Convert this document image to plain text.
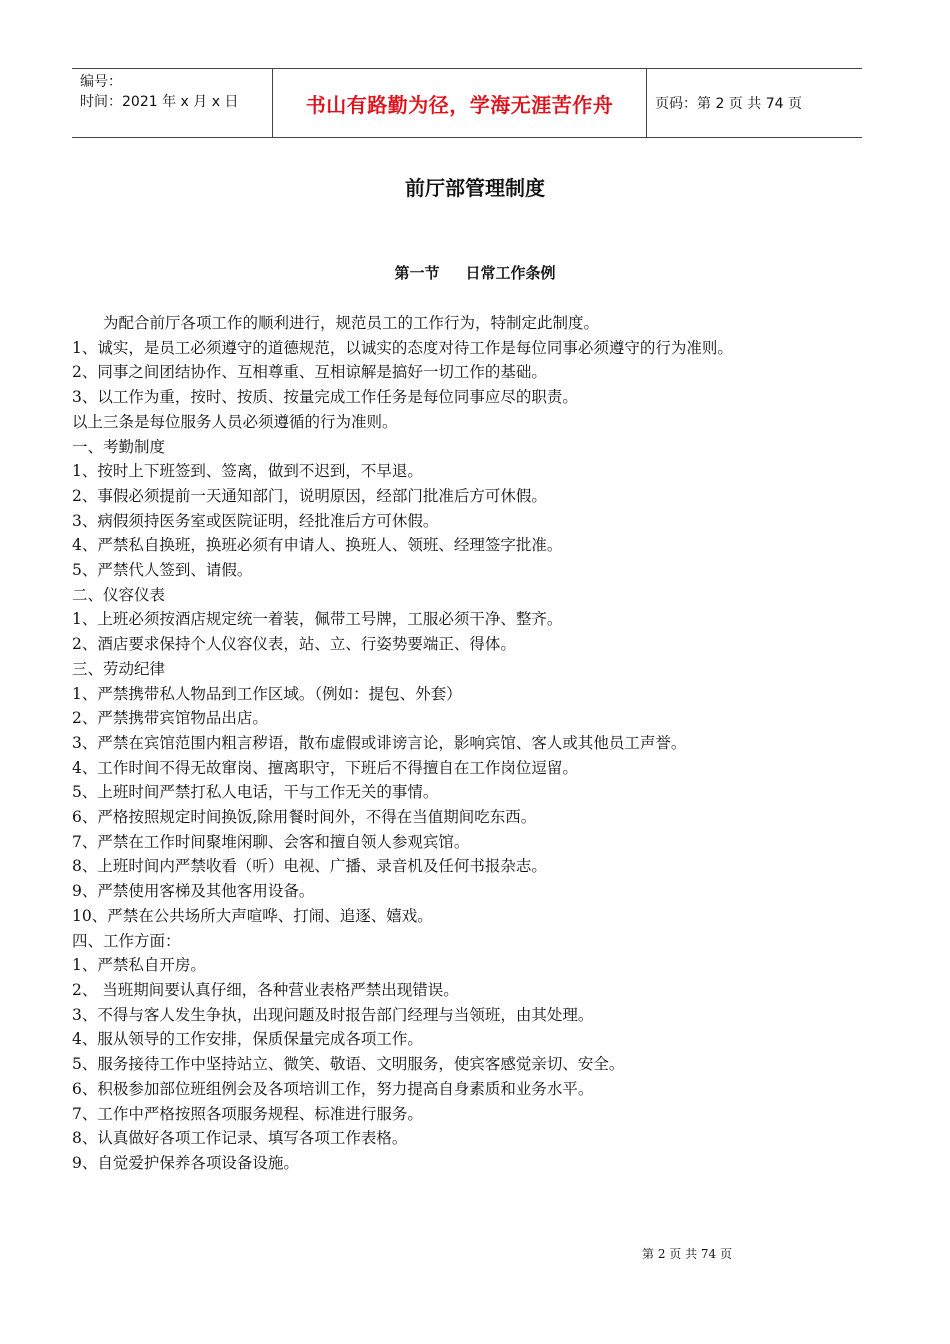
编号：
时间：2021 年 x 月 x 日	书山有路勤为径，学海无涯苦作舟	页码：第 2 页 共 74 页
前厅部管理制度
第一节 日常工作条例

为配合前厅各项工作的顺利进行，规范员工的工作行为，特制定此制度。

1、诚实，是员工必须遵守的道德规范，以诚实的态度对待工作是每位同事必须遵守的行为准则。

2、同事之间团结协作、互相尊重、互相谅解是搞好一切工作的基础。

3、以工作为重，按时、按质、按量完成工作任务是每位同事应尽的职责。

以上三条是每位服务人员必须遵循的行为准则。

一、考勤制度

1、按时上下班签到、签离，做到不迟到，不早退。

2、事假必须提前一天通知部门，说明原因，经部门批准后方可休假。

3、病假须持医务室或医院证明，经批准后方可休假。

4、严禁私自换班，换班必须有申请人、换班人、领班、经理签字批准。

5、严禁代人签到、请假。

二、仪容仪表

1、上班必须按酒店规定统一着装，佩带工号牌，工服必须干净、整齐。

2、酒店要求保持个人仪容仪表，站、立、行姿势要端正、得体。

三、劳动纪律

1、严禁携带私人物品到工作区域。（例如：提包、外套）

2、严禁携带宾馆物品出店。

3、严禁在宾馆范围内粗言秽语，散布虚假或诽谤言论，影响宾馆、客人或其他员工声誉。

4、工作时间不得无故窜岗、擅离职守，下班后不得擅自在工作岗位逗留。

5、上班时间严禁打私人电话，干与工作无关的事情。

6、严格按照规定时间换饭,除用餐时间外，不得在当值期间吃东西。

7、严禁在工作时间聚堆闲聊、会客和擅自领人参观宾馆。

8、上班时间内严禁收看（听）电视、广播、录音机及任何书报杂志。

9、严禁使用客梯及其他客用设备。

10、严禁在公共场所大声喧哗、打闹、追逐、嬉戏。

四、工作方面：

1、严禁私自开房。

2、 当班期间要认真仔细，各种营业表格严禁出现错误。

3、不得与客人发生争执，出现问题及时报告部门经理与当领班，由其处理。

4、服从领导的工作安排，保质保量完成各项工作。

5、服务接待工作中坚持站立、微笑、敬语、文明服务，使宾客感觉亲切、安全。

6、积极参加部位班组例会及各项培训工作，努力提高自身素质和业务水平。

7、工作中严格按照各项服务规程、标准进行服务。

8、认真做好各项工作记录、填写各项工作表格。

9、自觉爱护保养各项设备设施。

第 2 页 共 74 页
